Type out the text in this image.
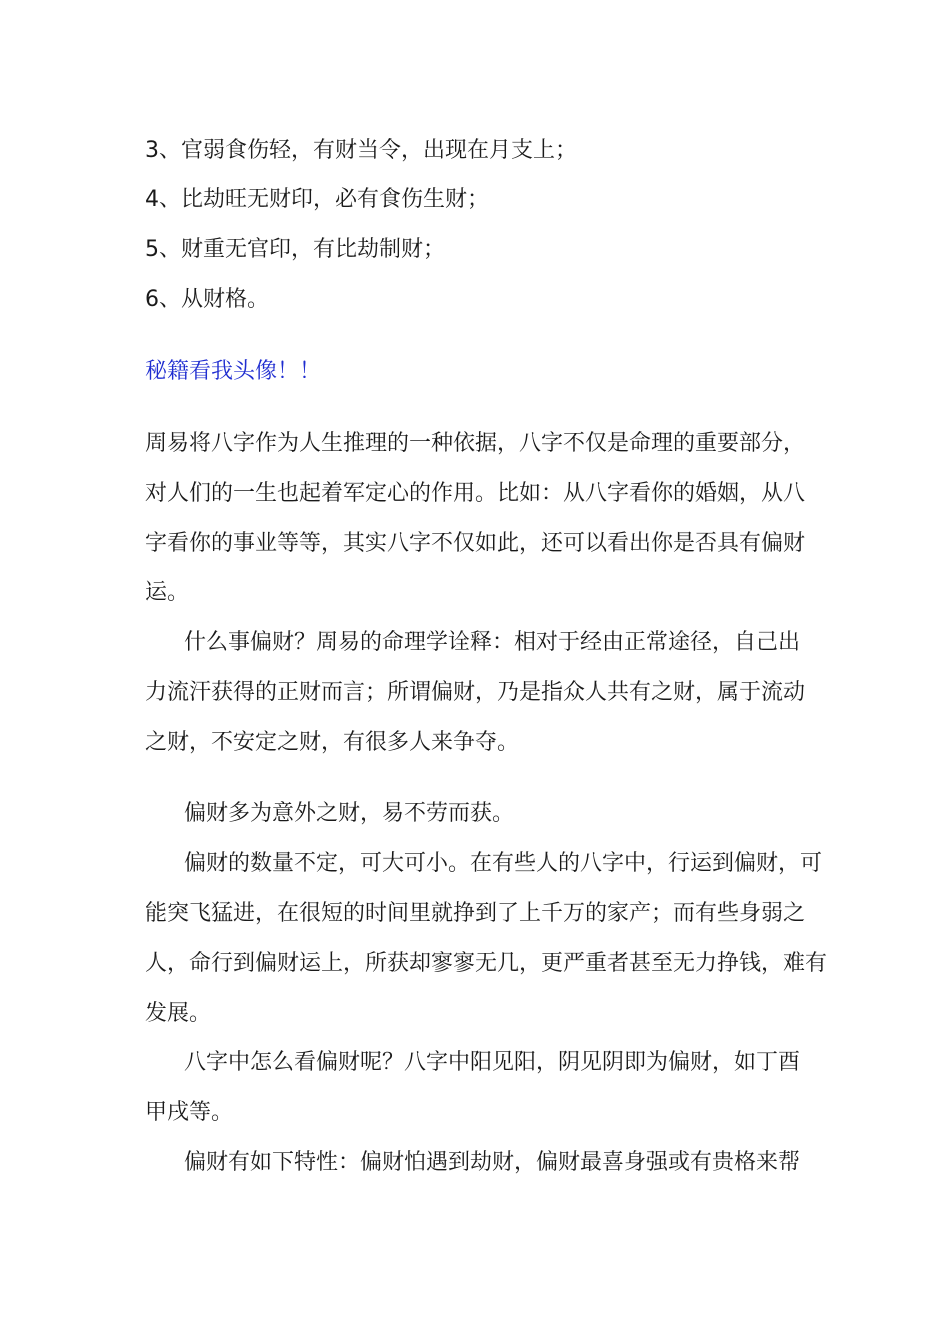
3、官弱食伤轻，有财当令，出现在月支上；
4、比劫旺无财印，必有食伤生财；
5、财重无官印，有比劫制财；
6、从财格。
秘籍看我头像！！
周易将八字作为人生推理的一种依据，八字不仅是命理的重要部分，
对人们的一生也起着军定心的作用。比如：从八字看你的婚姻，从八
字看你的事业等等，其实八字不仅如此，还可以看出你是否具有偏财
运。
什么事偏财？周易的命理学诠释：相对于经由正常途径，自己出
力流汗获得的正财而言；所谓偏财，乃是指众人共有之财，属于流动
之财，不安定之财，有很多人来争夺。
偏财多为意外之财，易不劳而获。
偏财的数量不定，可大可小。在有些人的八字中，行运到偏财，可
能突飞猛进，在很短的时间里就挣到了上千万的家产；而有些身弱之
人，命行到偏财运上，所获却寥寥无几，更严重者甚至无力挣钱，难有
发展。
八字中怎么看偏财呢？八字中阳见阳，阴见阴即为偏财，如丁酉
甲戌等。
偏财有如下特性：偏财怕遇到劫财，偏财最喜身强或有贵格来帮
